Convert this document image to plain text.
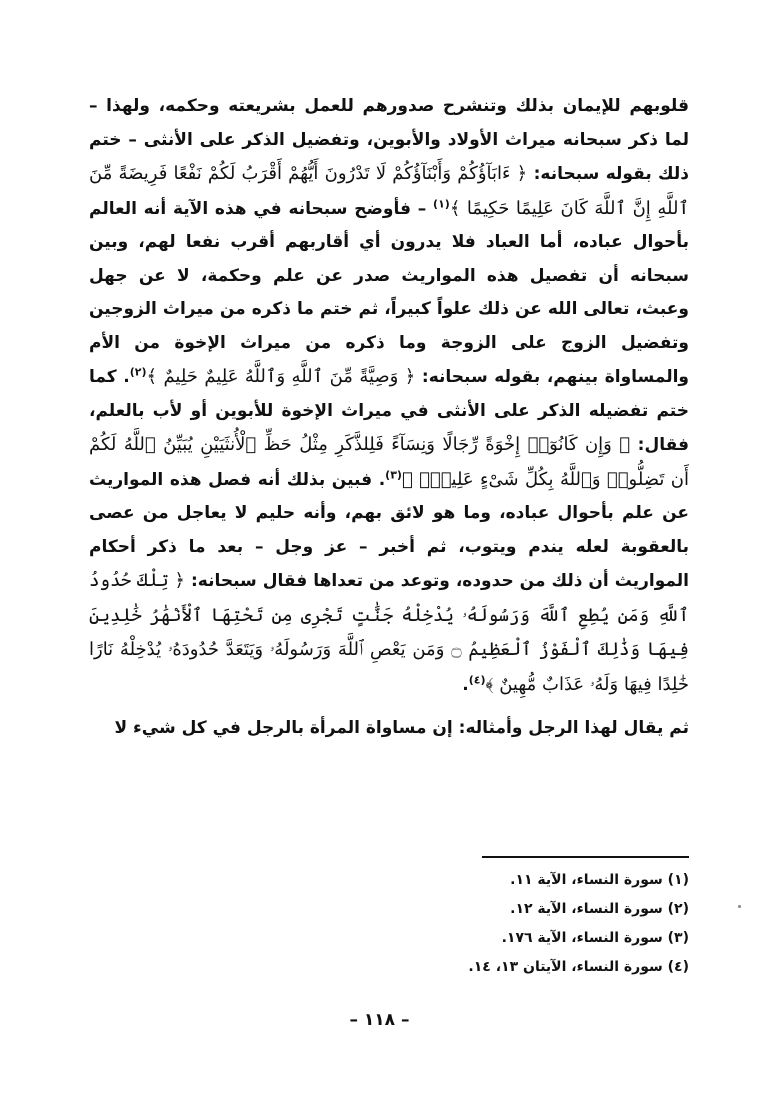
قلوبهم للإيمان بذلك وتنشرح صدورهم للعمل بشريعته وحكمه، ولهذا – لما ذكر سبحانه ميراث الأولاد والأبوين، وتفضيل الذكر على الأنثى – ختم ذلك بقوله سبحانه: ﴿ ءَابَآؤُكُمْ وَأَبْنَآؤُكُمْ لَا تَدْرُونَ أَيُّهُمْ أَقْرَبُ لَكُمْ نَفْعًا فَرِيضَةً مِّنَ ٱللَّهِ إِنَّ ٱللَّهَ كَانَ عَلِيمًا حَكِيمًا ﴾$^{(١)}$ – فأوضح سبحانه في هذه الآية أنه العالم بأحوال عباده، أما العباد فلا يدرون أي أقاربهم أقرب نفعا لهم، وبين سبحانه أن تفصيل هذه المواريث صدر عن علم وحكمة، لا عن جهل وعبث، تعالى الله عن ذلك علواً كبيراً، ثم ختم ما ذكره من ميراث الزوجين وتفضيل الزوج على الزوجة وما ذكره من ميراث الإخوة من الأم والمساواة بينهم، بقوله سبحانه: ﴿ وَصِيَّةً مِّنَ ٱللَّهِ وَٱللَّهُ عَلِيمٌ حَلِيمٌ ﴾$^{(٢)}$. كما ختم تفضيله الذكر على الأنثى في ميراث الإخوة للأبوين أو لأب بالعلم، فقال: ﴿ وَإِن كَانُوٓا۟ إِخْوَةً رِّجَالًا وَنِسَآءً فَلِلذَّكَرِ مِثْلُ حَظِّ ٱلْأُنثَيَيْنِ يُبَيِّنُ ٱللَّهُ لَكُمْ أَن تَضِلُّوا۟ وَٱللَّهُ بِكُلِّ شَىْءٍ عَلِيمٌۢ ﴾$^{(٣)}$. فبين بذلك أنه فصل هذه المواريث عن علم بأحوال عباده، وما هو لائق بهم، وأنه حليم لا يعاجل من عصى بالعقوبة لعله يندم ويتوب، ثم أخبر – عز وجل – بعد ما ذكر أحكام المواريث أن ذلك من حدوده، وتوعد من تعداها فقال سبحانه: ﴿ تِلْكَ حُدُودُ ٱللَّهِ وَمَن يُطِعِ ٱللَّهَ وَرَسُولَهُۥ يُدْخِلْهُ جَنَّٰتٍ تَجْرِى مِن تَحْتِهَا ٱلْأَنْهَٰرُ خَٰلِدِينَ فِيهَا وَذَٰلِكَ ٱلْفَوْزُ ٱلْعَظِيمُ ۝ وَمَن يَعْصِ ٱللَّهَ وَرَسُولَهُۥ وَيَتَعَدَّ حُدُودَهُۥ يُدْخِلْهُ نَارًا خَٰلِدًا فِيهَا وَلَهُۥ عَذَابٌ مُّهِينٌ ﴾$^{(٤)}$.

ثم يقال لهذا الرجل وأمثاله: إن مساواة المرأة بالرجل في كل شيء لا

(١) سورة النساء، الآية ١١.
(٢) سورة النساء، الآية ١٢.
(٣) سورة النساء، الآية ١٧٦.
(٤) سورة النساء، الآيتان ١٣، ١٤.
– ١١٨ –
